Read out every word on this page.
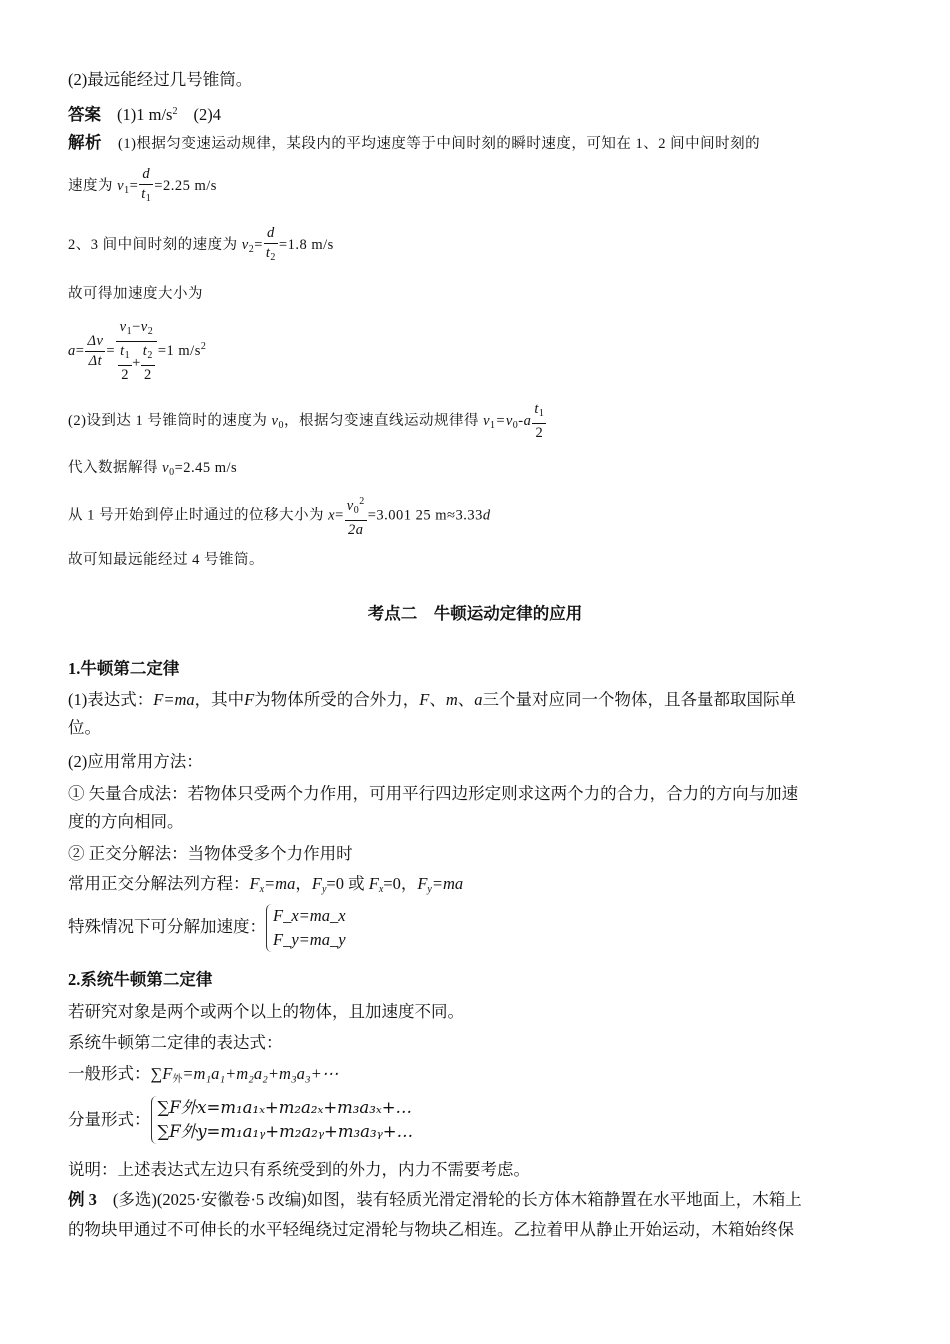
(2)最远能经过几号锥筒。
答案 (1)1 $m/s^2$ (2)4
解析 (1)根据匀变速运动规律，某段内的平均速度等于中间时刻的瞬时速度，可知在 1、2 间中间时刻的
速度为 $v_1= \frac{d}{t_1} =2.25$ m/s
2、3 间中间时刻的速度为 $v_2= \frac{d}{t_2} =1.8$ m/s
故可得加速度大小为
$a= \frac{\Delta v}{\Delta t} = \frac{v_1-v_2}{\frac{t_1}{2} + \frac{t_2}{2}} =1$ $m/s^2$
(2)设到达 1 号锥筒时的速度为 $v_0$，根据匀变速直线运动规律得 $v_1=v_0-a \frac{t_1}{2}$
代入数据解得 $v_0=2.45$ m/s
从 1 号开始到停止时通过的位移大小为 $x= \frac{v_0^2}{2a} =3.001$ 25 m≈3.33d
故可知最远能经过 4 号锥筒。
考点二　牛顿运动定律的应用
1.牛顿第二定律
(1)表达式：F=ma，其中F为物体所受的合外力，F、m、a三个量对应同一个物体，且各量都取国际单
位。
(2)应用常用方法：
① 矢量合成法：若物体只受两个力作用，可用平行四边形定则求这两个力的合力，合力的方向与加速
度的方向相同。
② 正交分解法：当物体受多个力作用时
常用正交分解法列方程：$F_x=ma$，$F_y=0$ 或 $F_x=0$，$F_y=ma$
特殊情况下可分解加速度：
F_x=ma_x
F_y=ma_y
2.系统牛顿第二定律
若研究对象是两个或两个以上的物体，且加速度不同。
系统牛顿第二定律的表达式：
一般形式：$\sum F_外=m_1a_1+m_2a_2+m_3a_3+\cdots$
分量形式：
∑F外x=m₁a₁ₓ+m₂a₂ₓ+m₃a₃ₓ+…
∑F外y=m₁a₁ᵧ+m₂a₂ᵧ+m₃a₃ᵧ+…
说明：上述表达式左边只有系统受到的外力，内力不需要考虑。
例 3 (多选)(2025·安徽卷·5 改编)如图，装有轻质光滑定滑轮的长方体木箱静置在水平地面上，木箱上
的物块甲通过不可伸长的水平轻绳绕过定滑轮与物块乙相连。乙拉着甲从静止开始运动，木箱始终保
